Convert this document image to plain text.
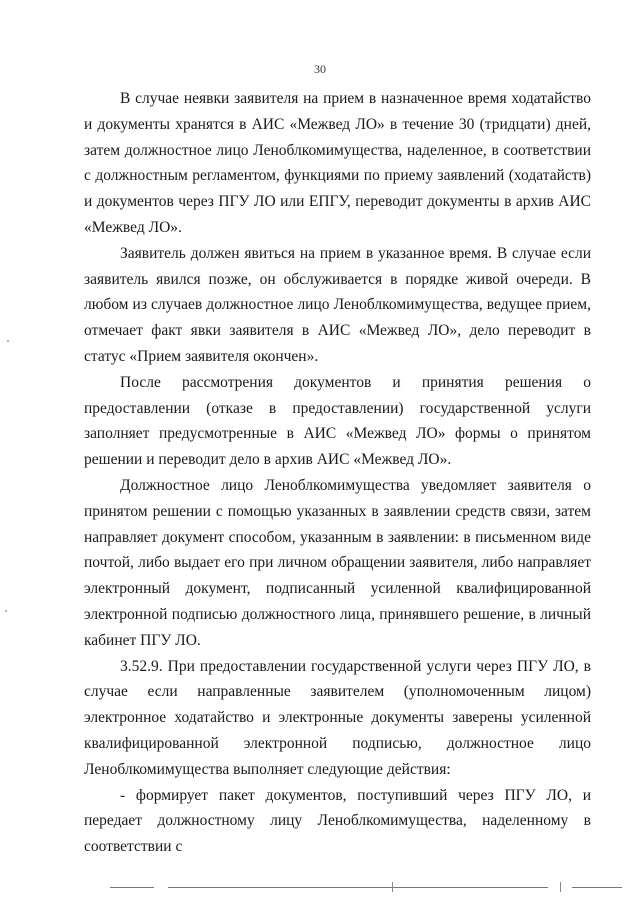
30

В случае неявки заявителя на прием в назначенное время ходатайство и документы хранятся в АИС «Межвед ЛО» в течение 30 (тридцати) дней, затем должностное лицо Леноблкомимущества, наделенное, в соответствии с должностным регламентом, функциями по приему заявлений (ходатайств) и документов через ПГУ ЛО или ЕПГУ, переводит документы в архив АИС «Межвед ЛО».

Заявитель должен явиться на прием в указанное время. В случае если заявитель явился позже, он обслуживается в порядке живой очереди. В любом из случаев должностное лицо Леноблкомимущества, ведущее прием, отмечает факт явки заявителя в АИС «Межвед ЛО», дело переводит в статус «Прием заявителя окончен».

После рассмотрения документов и принятия решения о предоставлении (отказе в предоставлении) государственной услуги заполняет предусмотренные в АИС «Межвед ЛО» формы о принятом решении и переводит дело в архив АИС «Межвед ЛО».

Должностное лицо Леноблкомимущества уведомляет заявителя о принятом решении с помощью указанных в заявлении средств связи, затем направляет документ способом, указанным в заявлении: в письменном виде почтой, либо выдает его при личном обращении заявителя, либо направляет электронный документ, подписанный усиленной квалифицированной электронной подписью должностного лица, принявшего решение, в личный кабинет ПГУ ЛО.

3.52.9. При предоставлении государственной услуги через ПГУ ЛО, в случае если направленные заявителем (уполномоченным лицом) электронное ходатайство и электронные документы заверены усиленной квалифицированной электронной подписью, должностное лицо Леноблкомимущества выполняет следующие действия:

- формирует пакет документов, поступивший через ПГУ ЛО, и передает должностному лицу Леноблкомимущества, наделенному в соответствии с
